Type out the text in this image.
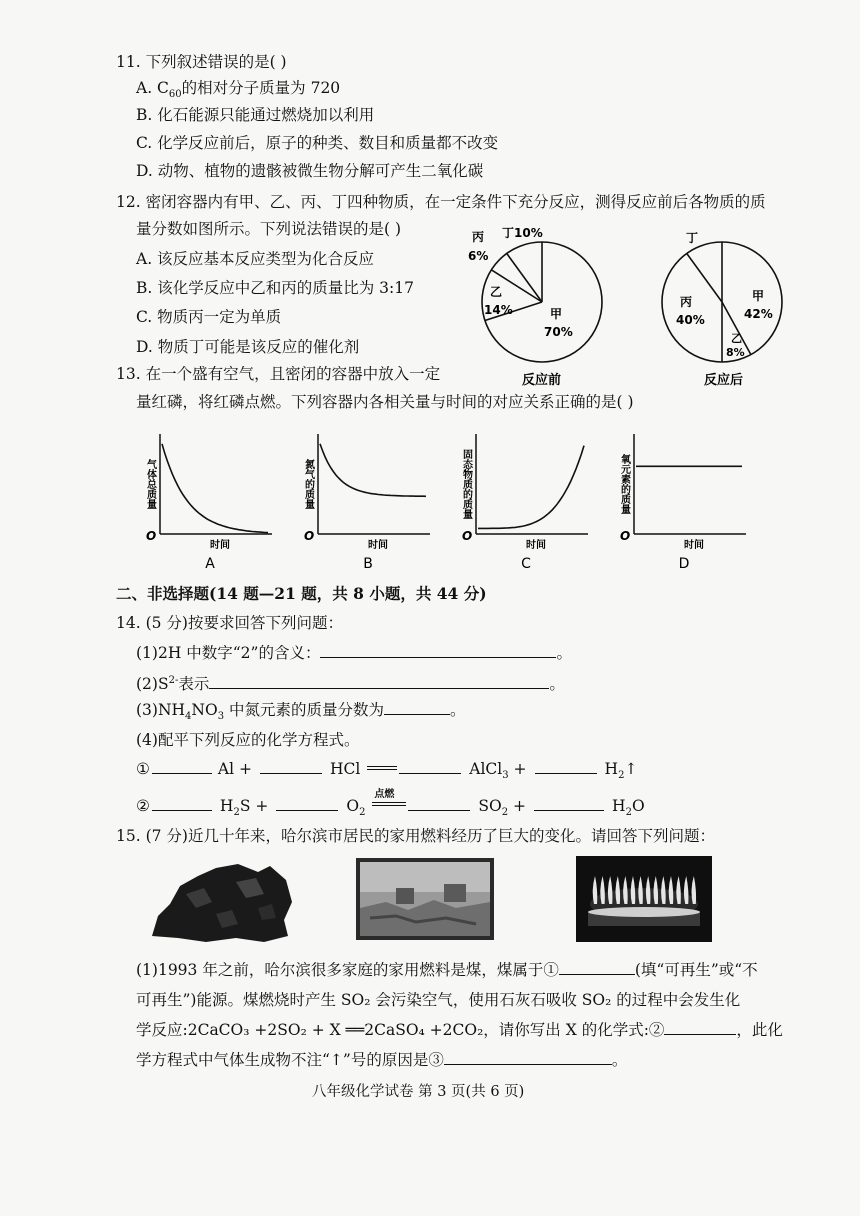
11. 下列叙述错误的是( )
A. $C_{60}$的相对分子质量为 720
B. 化石能源只能通过燃烧加以利用
C. 化学反应前后，原子的种类、数目和质量都不改变
D. 动物、植物的遗骸被微生物分解可产生二氧化碳
12. 密闭容器内有甲、乙、丙、丁四种物质，在一定条件下充分反应，测得反应前后各物质的质
量分数如图所示。下列说法错误的是( )
A. 该反应基本反应类型为化合反应
B. 该化学反应中乙和丙的质量比为 3:17
C. 物质丙一定为单质
D. 物质丁可能是该反应的催化剂
丙
6%
丁10%
乙
14%	甲
70%
反应前
丁
丙
40%
甲
42%
乙
8%
反应后
13. 在一个盛有空气，且密闭的容器中放入一定
量红磷，将红磷点燃。下列容器内各相关量与时间的对应关系正确的是( )
气体总质量
O
时间
A
氮气的质量
O
时间
B
固态物质的质量
O
时间
C
氧元素的质量
O
时间
D
二、非选择题(14 题—21 题，共 8 小题，共 44 分)
14. (5 分)按要求回答下列问题：
(1)2H 中数字“2”的含义：	。
$(2)S^{2-}$表示	。
$(3)NH_4NO_3$ 中氮元素的质量分数为	。
(4)配平下列反应的化学方程式。
①	Al +	HCl	AlCl$_3$ +	$H_2↑$
②	$H_2S$ +	$O_2$
点燃
$SO_2$ +	$H_2O$
15. (7 分)近几十年来，哈尔滨市居民的家用燃料经历了巨大的变化。请回答下列问题：
(1)1993 年之前，哈尔滨很多家庭的家用燃料是煤，煤属于①	(填“可再生”或“不
可再生”)能源。煤燃烧时产生 SO₂ 会污染空气，使用石灰石吸收 SO₂ 的过程中会发生化
学反应:2CaCO₃ +2SO₂ + X ══2CaSO₄ +2CO₂，请你写出 X 的化学式:②	，此化
学方程式中气体生成物不注“↑”号的原因是③	。
八年级化学试卷 第 3 页(共 6 页)
